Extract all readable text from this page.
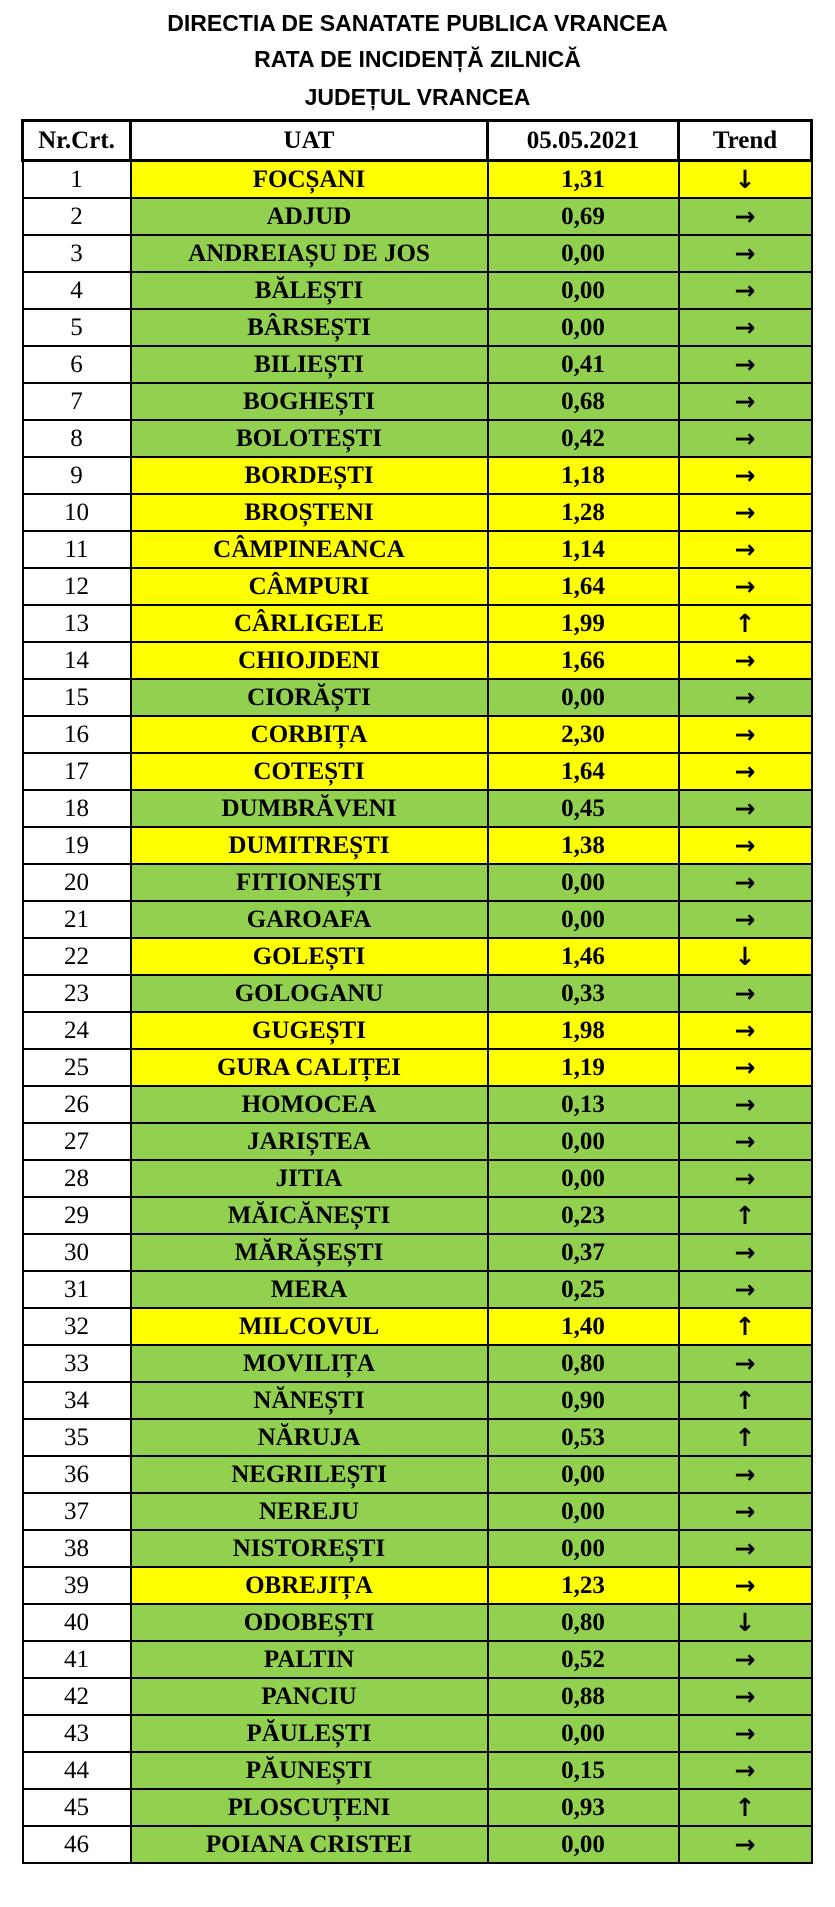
DIRECTIA DE SANATATE PUBLICA VRANCEA
RATA DE INCIDENȚĂ ZILNICĂ
JUDEȚUL VRANCEA
Nr.Crt.	UAT	05.05.2021	Trend
1	FOCȘANI	1,31	↓
2	ADJUD	0,69	→
3	ANDREIAȘU DE JOS	0,00	→
4	BĂLEȘTI	0,00	→
5	BÂRSEȘTI	0,00	→
6	BILIEȘTI	0,41	→
7	BOGHEȘTI	0,68	→
8	BOLOTEȘTI	0,42	→
9	BORDEȘTI	1,18	→
10	BROȘTENI	1,28	→
11	CÂMPINEANCA	1,14	→
12	CÂMPURI	1,64	→
13	CÂRLIGELE	1,99	↑
14	CHIOJDENI	1,66	→
15	CIORĂȘTI	0,00	→
16	CORBIȚA	2,30	→
17	COTEȘTI	1,64	→
18	DUMBRĂVENI	0,45	→
19	DUMITREȘTI	1,38	→
20	FITIONEȘTI	0,00	→
21	GAROAFA	0,00	→
22	GOLEȘTI	1,46	↓
23	GOLOGANU	0,33	→
24	GUGEȘTI	1,98	→
25	GURA CALIȚEI	1,19	→
26	HOMOCEA	0,13	→
27	JARIȘTEA	0,00	→
28	JITIA	0,00	→
29	MĂICĂNEȘTI	0,23	↑
30	MĂRĂȘEȘTI	0,37	→
31	MERA	0,25	→
32	MILCOVUL	1,40	↑
33	MOVILIȚA	0,80	→
34	NĂNEȘTI	0,90	↑
35	NĂRUJA	0,53	↑
36	NEGRILEȘTI	0,00	→
37	NEREJU	0,00	→
38	NISTOREȘTI	0,00	→
39	OBREJIȚA	1,23	→
40	ODOBEȘTI	0,80	↓
41	PALTIN	0,52	→
42	PANCIU	0,88	→
43	PĂULEȘTI	0,00	→
44	PĂUNEȘTI	0,15	→
45	PLOSCUȚENI	0,93	↑
46	POIANA CRISTEI	0,00	→
